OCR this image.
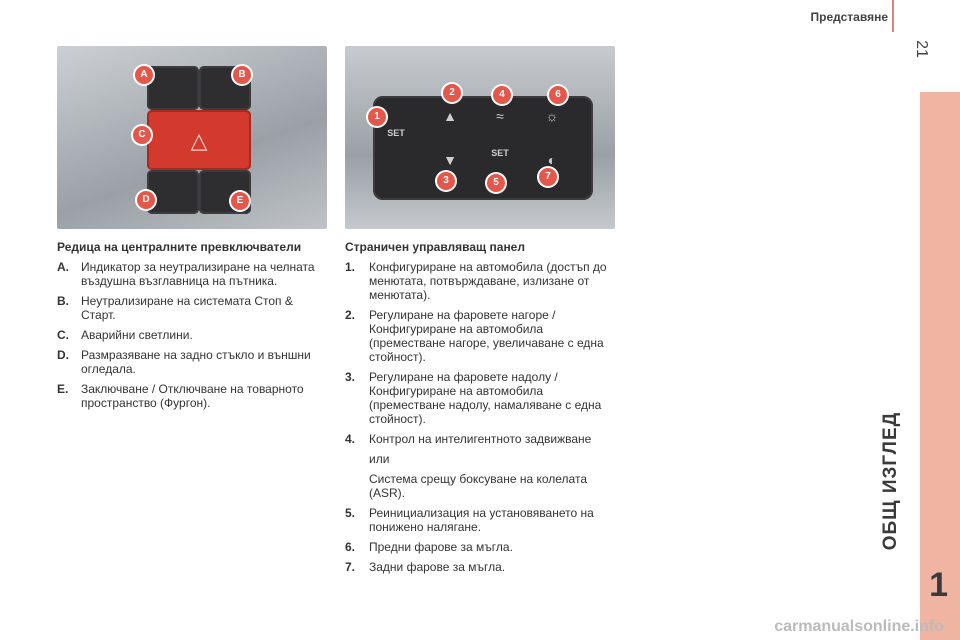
Представяне
21
ОБЩ ИЗГЛЕД
1
△
A	B
C
D	E
SET
▲	≈	☼
▼	SET	◐
1
2
3
4
5
6
7
Редица на централните превключватели
A.	Индикатор за неутрализиране на челната въздушна възглавница на пътника.
B.	Неутрализиране на системата Стоп & Старт.
C.	Аварийни светлини.
D.	Размразяване на задно стъкло и външни огледала.
E.	Заключване / Отключване на товарното пространство (Фургон).
Страничен управляващ панел
1.	Конфигуриране на автомобила (достъп до менютата, потвърждаване, излизане от менютата).
2.	Регулиране на фаровете нагоре / Конфигуриране на автомобила (преместване нагоре, увеличаване с една стойност).
3.	Регулиране на фаровете надолу / Конфигуриране на автомобила (преместване надолу, намаляване с една стойност).
4.	Контрол на интелигентното задвижване
или
Система срещу боксуване на колелата (ASR).
5.	Реинициализация на установяването на понижено налягане.
6.	Предни фарове за мъгла.
7.	Задни фарове за мъгла.
carmanualsonline.info
